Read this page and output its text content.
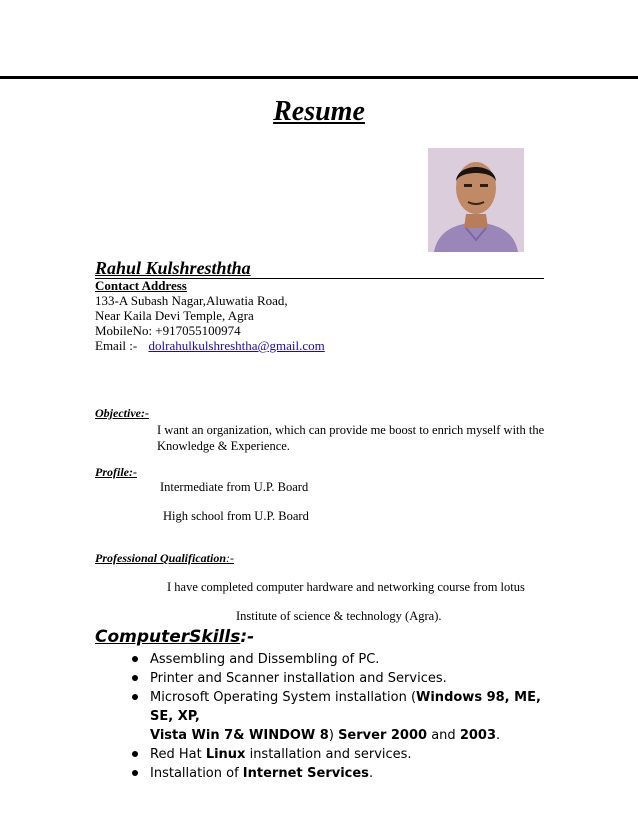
Resume
Rahul Kulshresththa
Contact Address
133-A Subash Nagar,Aluwatia Road,
Near Kaila Devi Temple, Agra
MobileNo: +917055100974
Email :- dolrahulkulshreshtha@gmail.com
Objective:-
I want an organization, which can provide me boost to enrich myself with the
Knowledge & Experience.
Profile:-
Intermediate from U.P. Board
High school from U.P. Board
Professional Qualification:-
I have completed computer hardware and networking course from lotus
Institute of science & technology (Agra).
ComputerSkills:-
Assembling and Dissembling of PC.
Printer and Scanner installation and Services.
Microsoft Operating System installation (Windows 98, ME, SE, XP,
Vista Win 7& WINDOW 8) Server 2000 and 2003.
Red Hat Linux installation and services.
Installation of Internet Services.
